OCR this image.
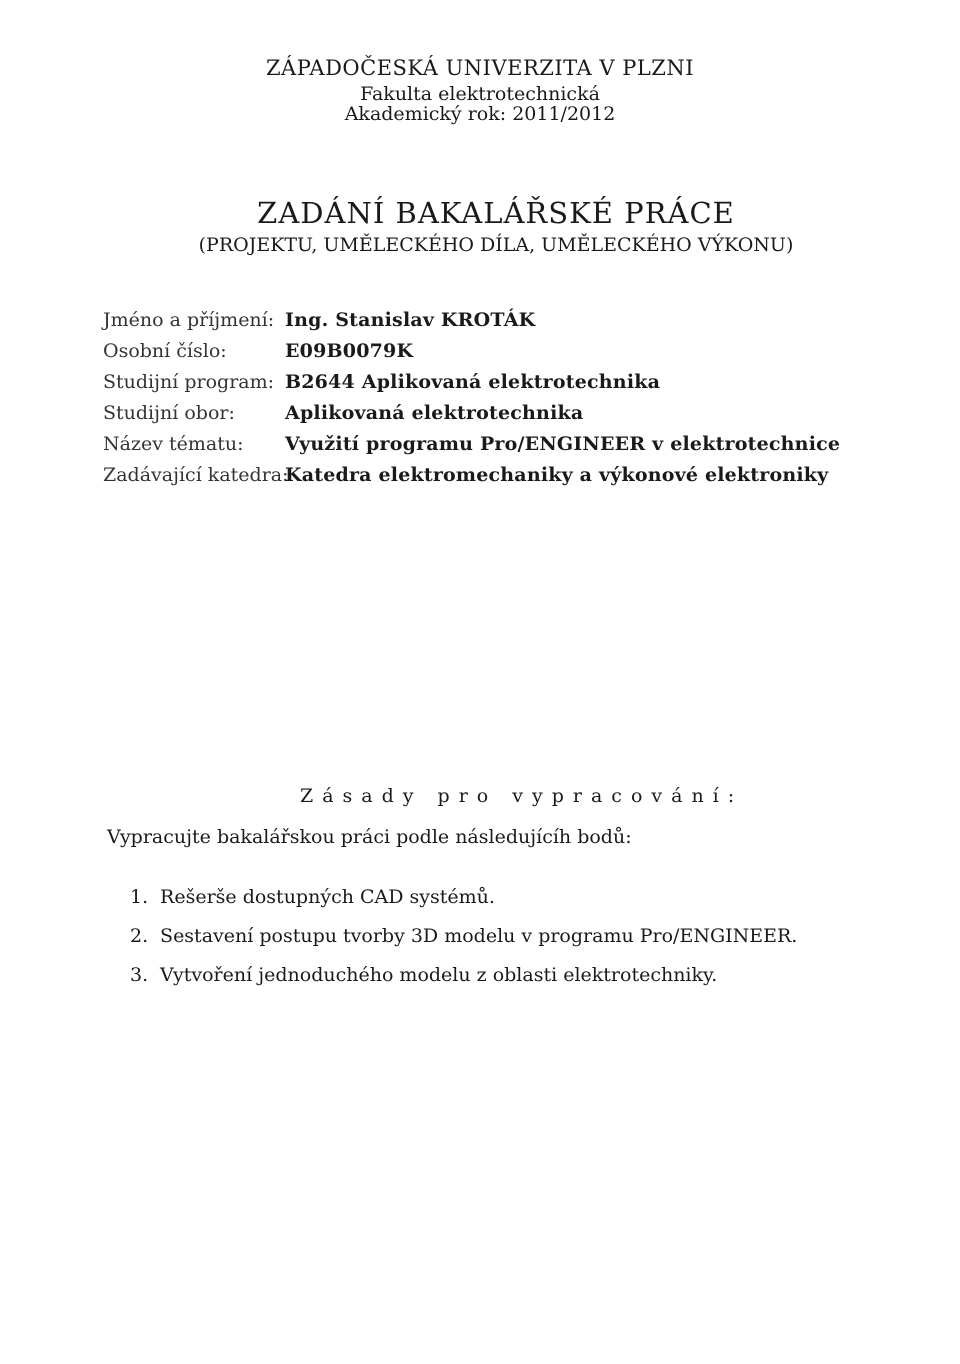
ZÁPADOČESKÁ UNIVERZITA V PLZNI
Fakulta elektrotechnická
Akademický rok: 2011/2012
ZADÁNÍ BAKALÁŘSKÉ PRÁCE
(PROJEKTU, UMĚLECKÉHO DÍLA, UMĚLECKÉHO VÝKONU)
Jméno a příjmení: Ing. Stanislav KROTÁK
Osobní číslo:	E09B0079K
Studijní program: B2644 Aplikovaná elektrotechnika
Studijní obor:	Aplikovaná elektrotechnika
Název tématu:	Využití programu Pro/ENGINEER v elektrotechnice
Zadávající katedra:
Katedra elektromechaniky a výkonové elektroniky
Zásady pro vypracování:
Vypracujte bakalářskou práci podle následujícíh bodů:
1. Rešerše dostupných CAD systémů.
2. Sestavení postupu tvorby 3D modelu v programu Pro/ENGINEER.
3. Vytvoření jednoduchého modelu z oblasti elektrotechniky.
